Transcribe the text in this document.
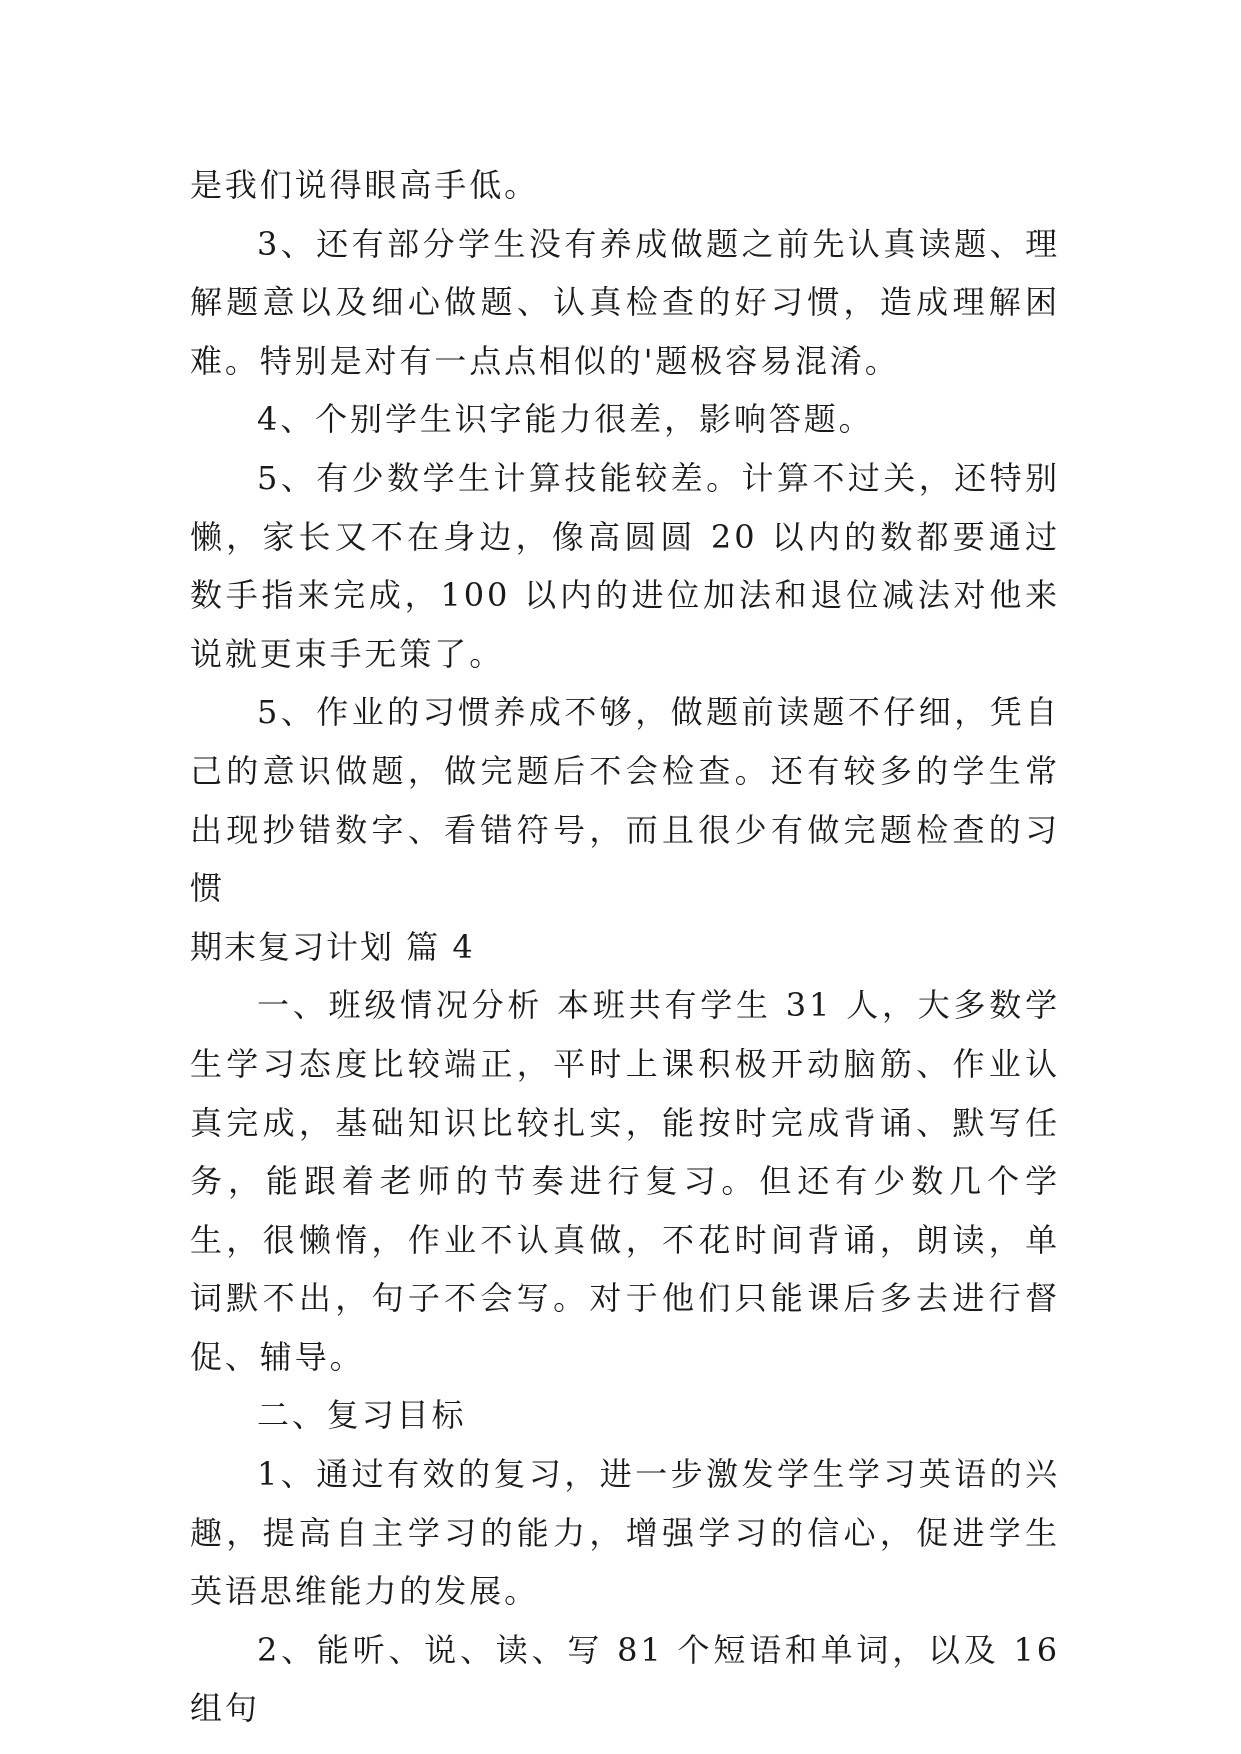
是我们说得眼高手低。

3、还有部分学生没有养成做题之前先认真读题、理解题意以及细心做题、认真检查的好习惯，造成理解困难。特别是对有一点点相似的'题极容易混淆。

4、个别学生识字能力很差，影响答题。

5、有少数学生计算技能较差。计算不过关，还特别懒，家长又不在身边，像高圆圆 20 以内的数都要通过数手指来完成，100 以内的进位加法和退位减法对他来说就更束手无策了。

5、作业的习惯养成不够，做题前读题不仔细，凭自己的意识做题，做完题后不会检查。还有较多的学生常出现抄错数字、看错符号，而且很少有做完题检查的习惯

期末复习计划 篇 4

一、班级情况分析 本班共有学生 31 人，大多数学生学习态度比较端正，平时上课积极开动脑筋、作业认真完成，基础知识比较扎实，能按时完成背诵、默写任务，能跟着老师的节奏进行复习。但还有少数几个学生，很懒惰，作业不认真做，不花时间背诵，朗读，单词默不出，句子不会写。对于他们只能课后多去进行督促、辅导。

二、复习目标

1、通过有效的复习，进一步激发学生学习英语的兴趣，提高自主学习的能力，增强学习的信心，促进学生英语思维能力的发展。

2、能听、说、读、写 81 个短语和单词，以及 16 组句
